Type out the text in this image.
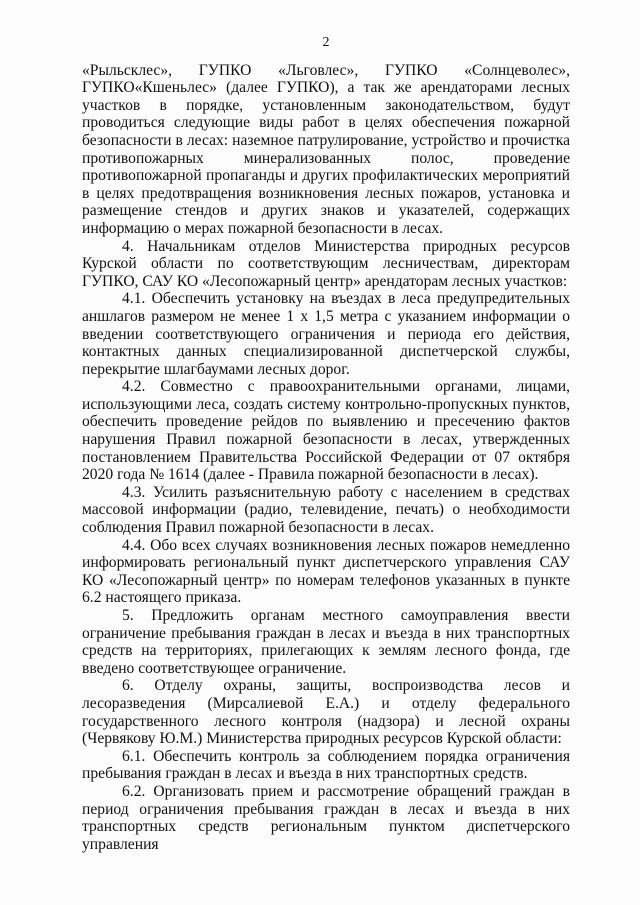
2

«Рыльсклес», ГУПКО «Льговлес», ГУПКО «Солнцеволес», ГУПКО«Кшеньлес» (далее ГУПКО), а так же арендаторами лесных участков в порядке, установленным законодательством, будут проводиться следующие виды работ в целях обеспечения пожарной безопасности в лесах: наземное патрулирование, устройство и прочистка противопожарных минерализованных полос, проведение противопожарной пропаганды и других профилактических мероприятий в целях предотвращения возникновения лесных пожаров, установка и размещение стендов и других знаков и указателей, содержащих информацию о мерах пожарной безопасности в лесах.

4. Начальникам отделов Министерства природных ресурсов Курской области по соответствующим лесничествам, директорам ГУПКО, САУ КО «Лесопожарный центр» арендаторам лесных участков:

4.1. Обеспечить установку на въездах в леса предупредительных аншлагов размером не менее 1 х 1,5 метра с указанием информации о введении соответствующего ограничения и периода его действия, контактных данных специализированной диспетчерской службы, перекрытие шлагбаумами лесных дорог.

4.2. Совместно с правоохранительными органами, лицами, использующими леса, создать систему контрольно-пропускных пунктов, обеспечить проведение рейдов по выявлению и пресечению фактов нарушения Правил пожарной безопасности в лесах, утвержденных постановлением Правительства Российской Федерации от 07 октября 2020 года № 1614 (далее - Правила пожарной безопасности в лесах).

4.3. Усилить разъяснительную работу с населением в средствах массовой информации (радио, телевидение, печать) о необходимости соблюдения Правил пожарной безопасности в лесах.

4.4. Обо всех случаях возникновения лесных пожаров немедленно информировать региональный пункт диспетчерского управления САУ КО «Лесопожарный центр» по номерам телефонов указанных в пункте 6.2 настоящего приказа.

5. Предложить органам местного самоуправления ввести ограничение пребывания граждан в лесах и въезда в них транспортных средств на территориях, прилегающих к землям лесного фонда, где введено соответствующее ограничение.

6. Отделу охраны, защиты, воспроизводства лесов и лесоразведения (Мирсалиевой Е.А.) и отделу федерального государственного лесного контроля (надзора) и лесной охраны (Червякову Ю.М.) Министерства природных ресурсов Курской области:

6.1. Обеспечить контроль за соблюдением порядка ограничения пребывания граждан в лесах и въезда в них транспортных средств.

6.2. Организовать прием и рассмотрение обращений граждан в период ограничения пребывания граждан в лесах и въезда в них транспортных средств региональным пунктом диспетчерского управления
